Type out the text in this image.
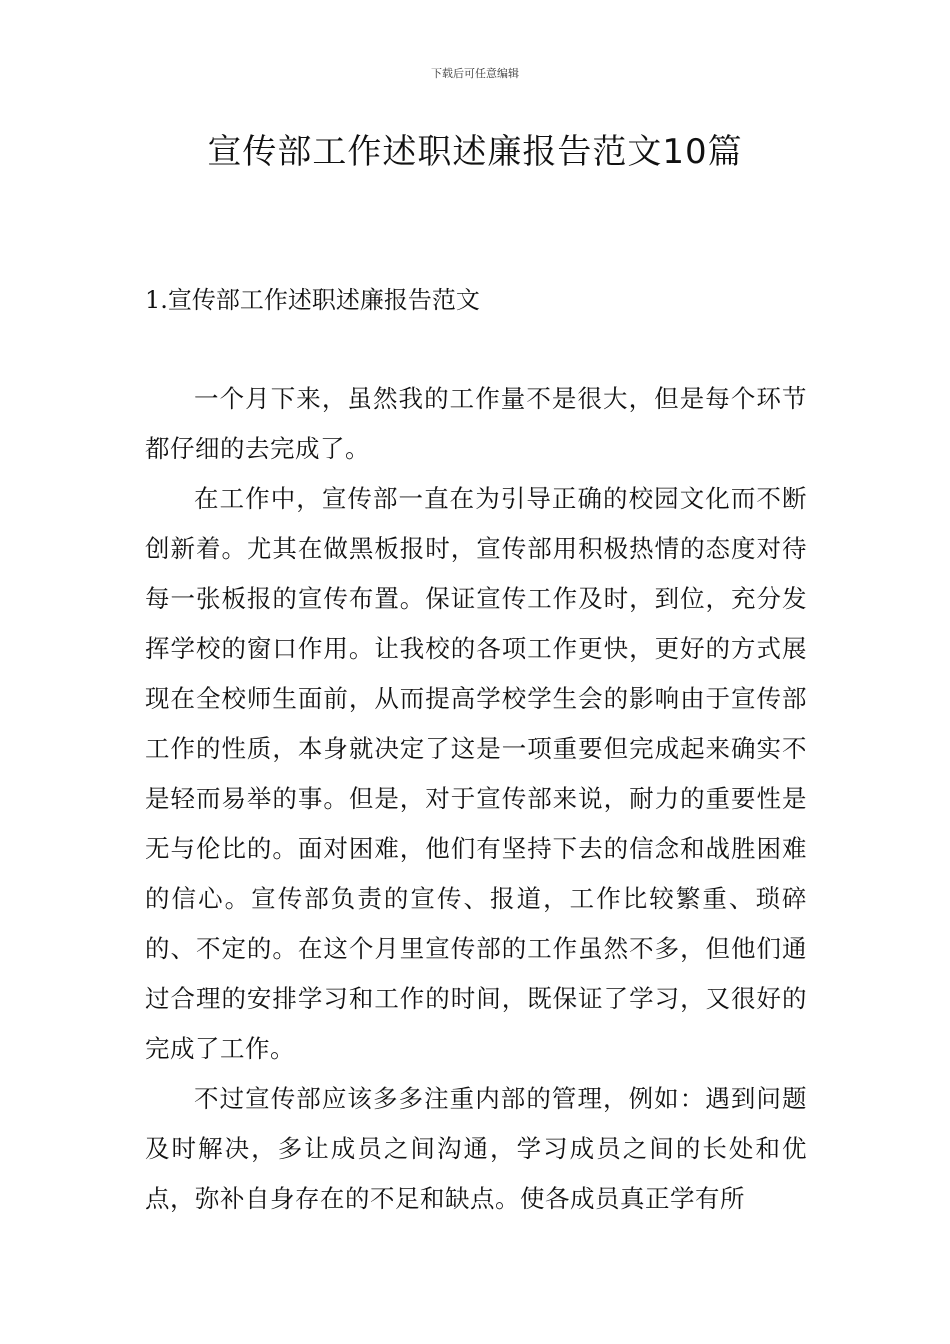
下载后可任意编辑
宣传部工作述职述廉报告范文10篇
1.宣传部工作述职述廉报告范文

一个月下来，虽然我的工作量不是很大，但是每个环节都仔细的去完成了。

在工作中，宣传部一直在为引导正确的校园文化而不断创新着。尤其在做黑板报时，宣传部用积极热情的态度对待每一张板报的宣传布置。保证宣传工作及时，到位，充分发挥学校的窗口作用。让我校的各项工作更快，更好的方式展现在全校师生面前，从而提高学校学生会的影响由于宣传部工作的性质，本身就决定了这是一项重要但完成起来确实不是轻而易举的事。但是，对于宣传部来说，耐力的重要性是无与伦比的。面对困难，他们有坚持下去的信念和战胜困难的信心。宣传部负责的宣传、报道，工作比较繁重、琐碎的、不定的。在这个月里宣传部的工作虽然不多，但他们通过合理的安排学习和工作的时间，既保证了学习，又很好的完成了工作。

不过宣传部应该多多注重内部的管理，例如：遇到问题及时解决，多让成员之间沟通，学习成员之间的长处和优点，弥补自身存在的不足和缺点。使各成员真正学有所
